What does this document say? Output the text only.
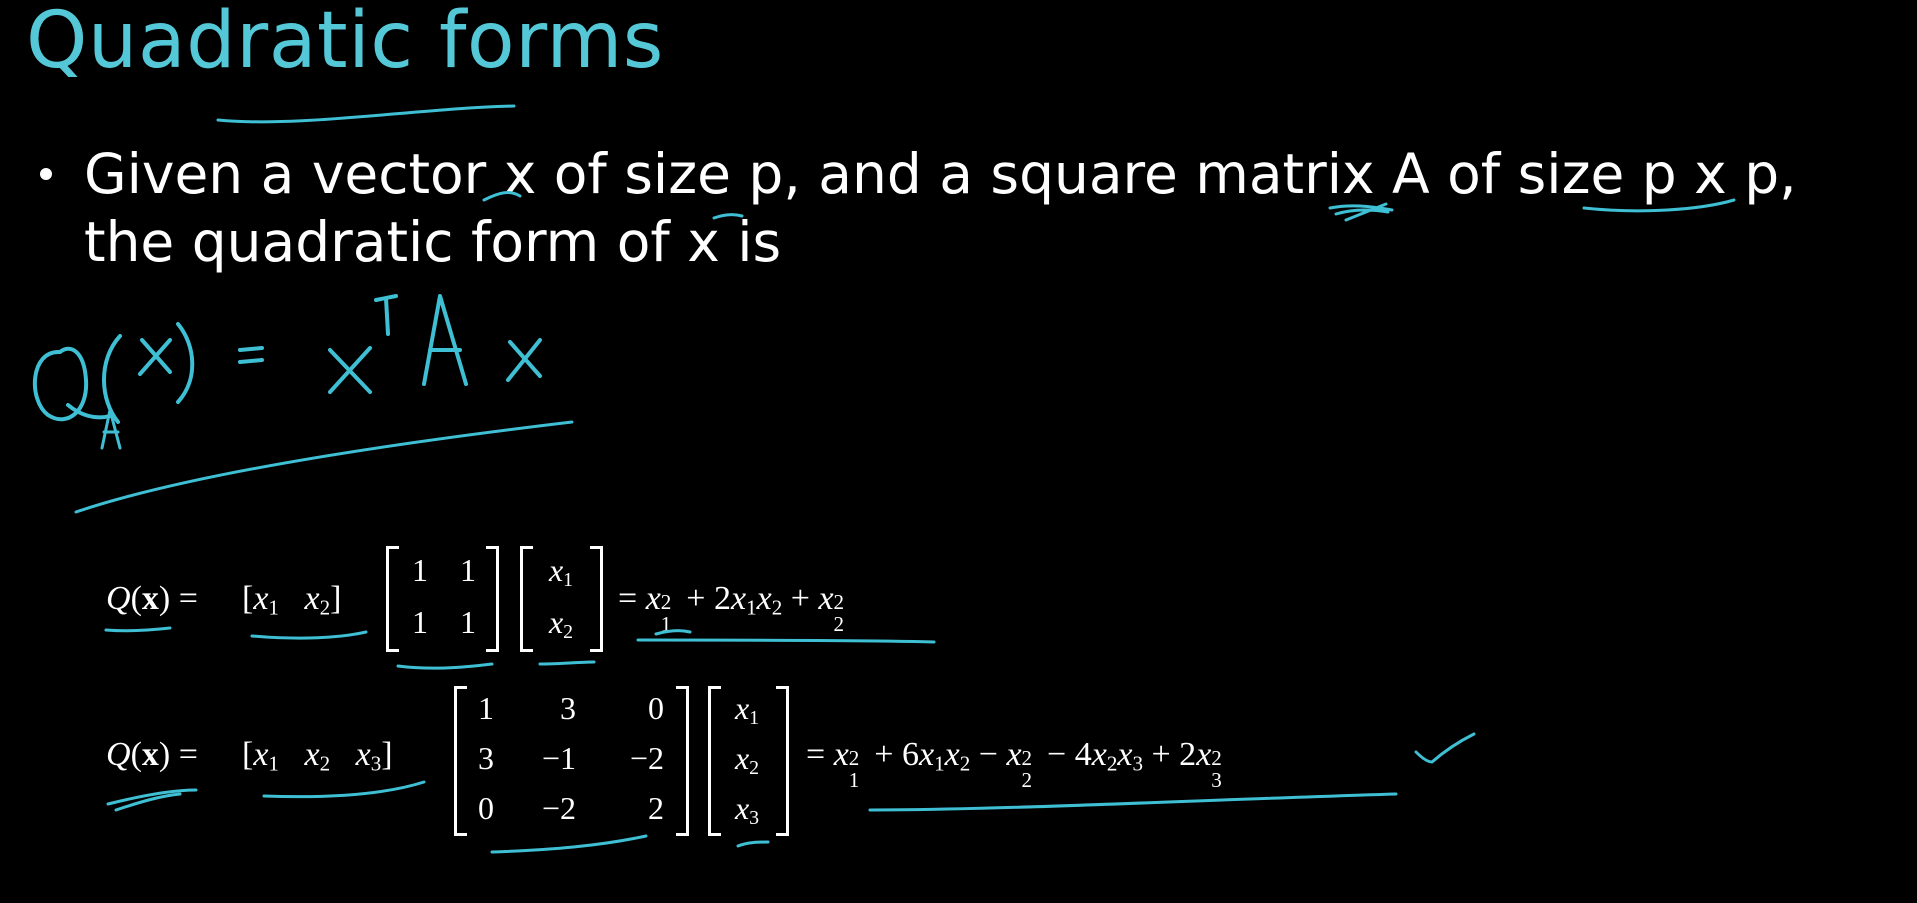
Quadratic forms
Given a vector x of size p, and a square matrix A of size p x p, the quadratic form of x is
$Q(x) = [x_1$ $x_2$]
1	1
1	1
$x_1$
$x_2$
= x 2
1
+ $2x_1x_2 + x$ 2
2
$Q(x) = [x_1$ $x_2$ $x_3$]
1	3	0
3	−1	−2
0	−2	2
$x_1$
$x_2$
$x_3$
= x 2
1
+ $6x_1x_2 - x$ 2
2
− $4x_2x_3 + 2x$ 2
3
